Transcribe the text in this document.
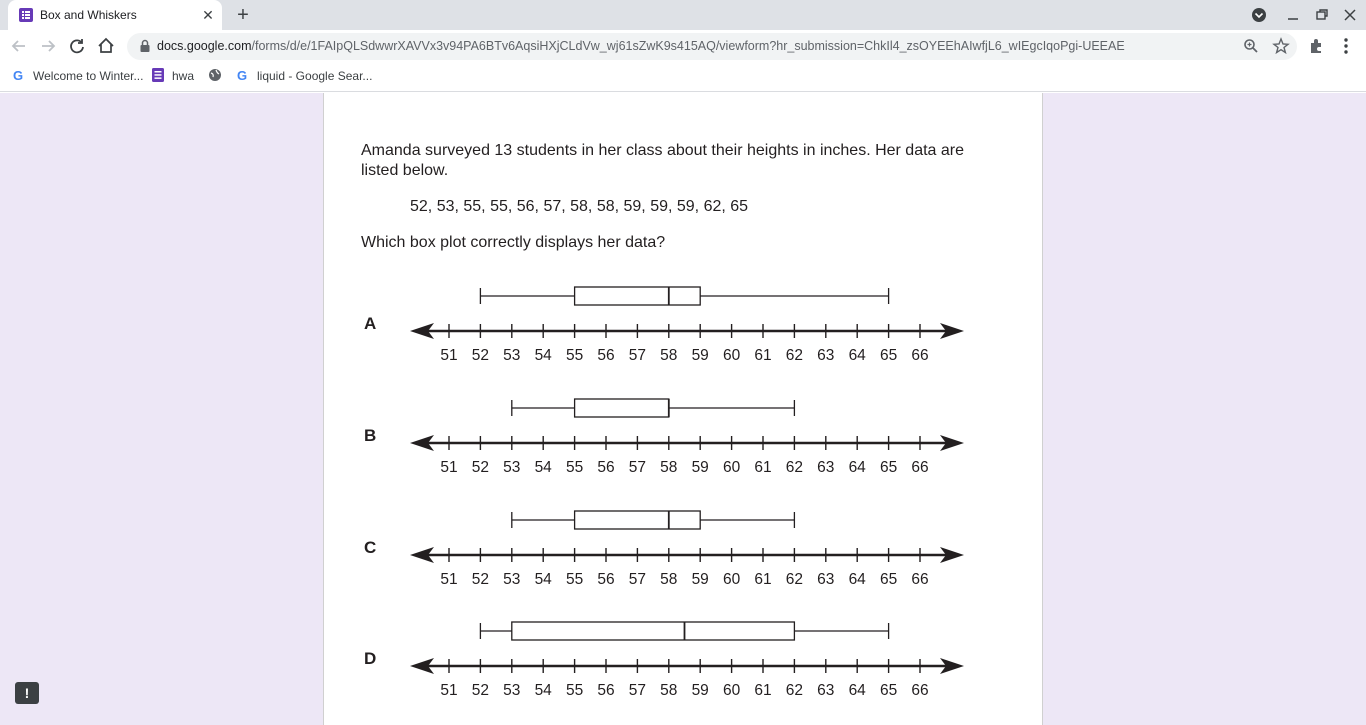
Box and Whiskers	✕ +
docs.google.com/forms/d/e/1FAIpQLSdwwrXAVVx3v94PA6BTv6AqsiHXjCLdVw_wj61sZwK9s415AQ/viewform?hr_submission=ChkIl4_zsOYEEhAIwfjL6_wIEgcIqoPgi-UEEAE
G Welcome to Winter...	hwa	G liquid - Google Sear...
Amanda surveyed 13 students in her class about their heights in inches. Her data are listed below.
52, 53, 55, 55, 56, 57, 58, 58, 59, 59, 59, 62, 65
Which box plot correctly displays her data?
A
51 52 53 54 55 56 57 58 59 60 61 62 63 64 65 66
B
51 52 53 54 55 56 57 58 59 60 61 62 63 64 65 66
C
51 52 53 54 55 56 57 58 59 60 61 62 63 64 65 66
D
51 52 53 54 55 56 57 58 59 60 61 62 63 64 65 66
!
